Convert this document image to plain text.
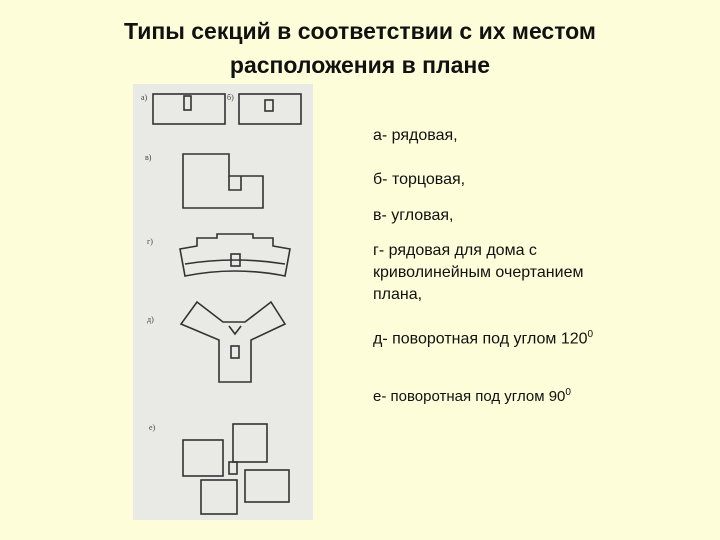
Типы секций в соответствии с их местом
расположения в плане
а)	б)
в)
г)
д)
е)
а- рядовая,
б- торцовая,
в- угловая,
г- рядовая для дома с криволинейным очертанием плана,
д- поворотная под углом $120^0$
е- поворотная под углом $90^0$
